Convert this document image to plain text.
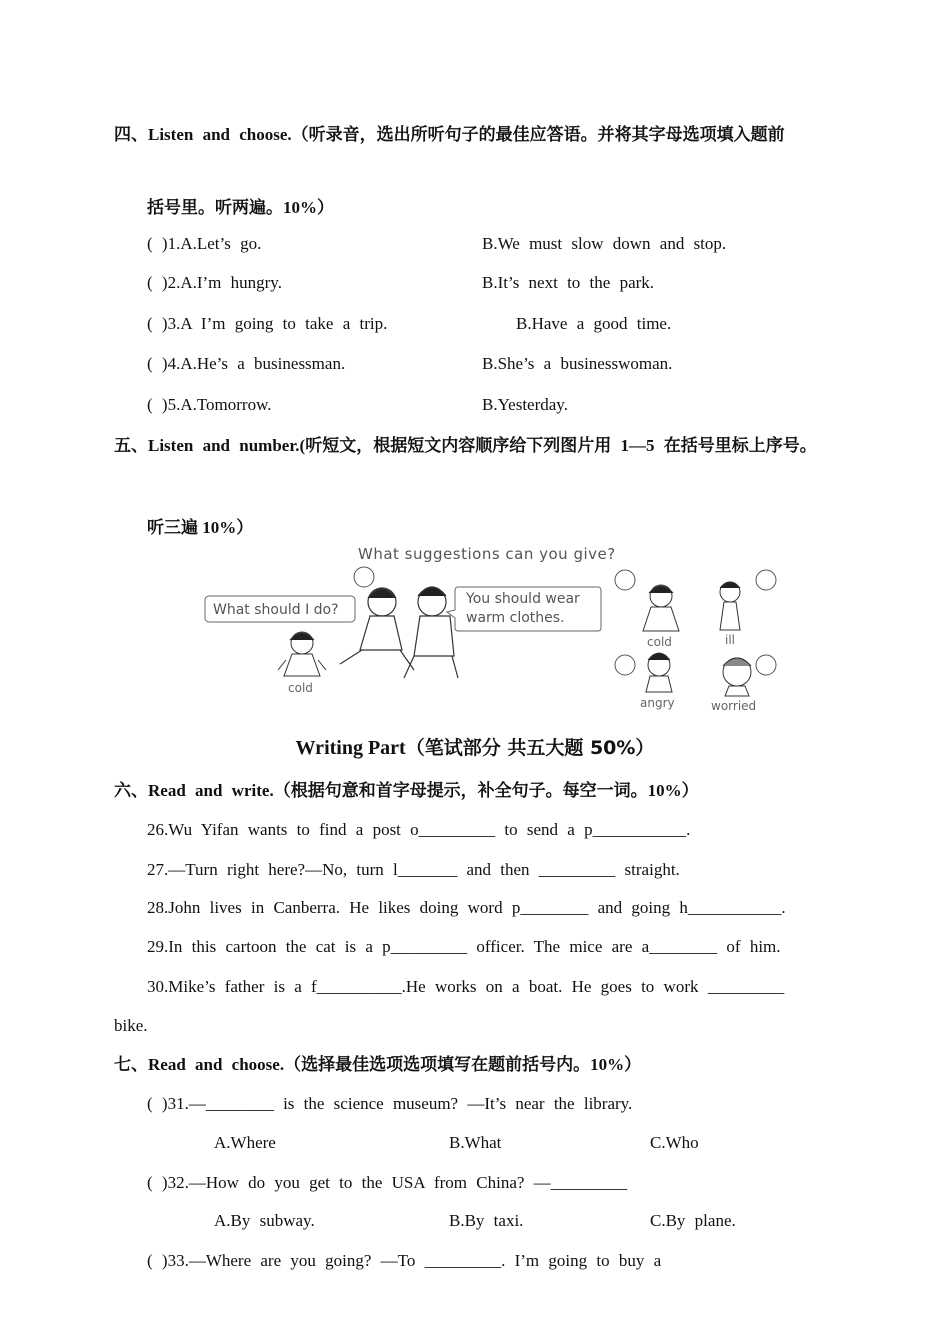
四、Listen and choose.（听录音，选出所听句子的最佳应答语。并将其字母选项填入题前
括号里。听两遍。10%）
( )1.A.Let’s go.	B.We must slow down and stop.
( )2.A.I’m hungry.	B.It’s next to the park.
( )3.A I’m going to take a trip.	B.Have a good time.
( )4.A.He’s a businessman.	B.She’s a businesswoman.
( )5.A.Tomorrow.	B.Yesterday.
五、Listen and number.(听短文，根据短文内容顺序给下列图片用 1—5 在括号里标上序号。
听三遍 10%）
What suggestions can you give?
What should I do?
You should wear
warm clothes.
cold
cold	ill
angry	worried
Writing Part（笔试部分 共五大题 50%）
六、Read and write.（根据句意和首字母提示，补全句子。每空一词。10%）
26.Wu Yifan wants to find a post o_________ to send a p___________.
27.—Turn right here?—No, turn l_______ and then _________ straight.
28.John lives in Canberra. He likes doing word p________ and going h___________.
29.In this cartoon the cat is a p_________ officer. The mice are a________ of him.
30.Mike’s father is a f__________.He works on a boat. He goes to work _________
bike.
七、Read and choose.（选择最佳选项选项填写在题前括号内。10%）
( )31.—________ is the science museum? —It’s near the library.
A.Where	B.What	C.Who
( )32.—How do you get to the USA from China? —_________
A.By subway.	B.By taxi.	C.By plane.
( )33.—Where are you going? —To _________. I’m going to buy a
